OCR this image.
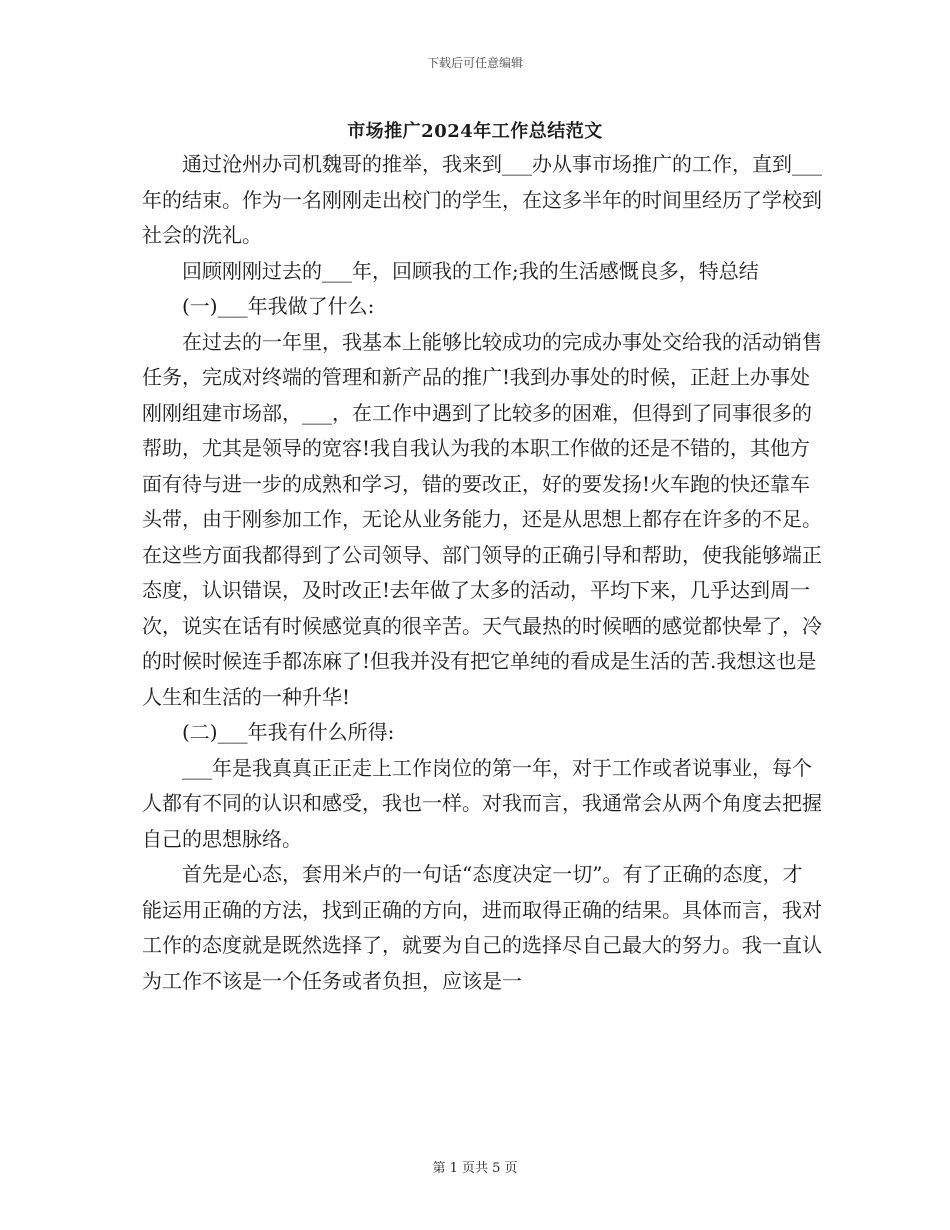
下载后可任意编辑
市场推广2024年工作总结范文

通过沧州办司机魏哥的推举，我来到___办从事市场推广的工作，直到___年的结束。作为一名刚刚走出校门的学生，在这多半年的时间里经历了学校到社会的洗礼。

回顾刚刚过去的___年，回顾我的工作;我的生活感慨良多，特总结

(一)___年我做了什么:

在过去的一年里，我基本上能够比较成功的完成办事处交给我的活动销售任务，完成对终端的管理和新产品的推广!我到办事处的时候，正赶上办事处刚刚组建市场部，___，在工作中遇到了比较多的困难，但得到了同事很多的帮助，尤其是领导的宽容!我自我认为我的本职工作做的还是不错的，其他方面有待与进一步的成熟和学习，错的要改正，好的要发扬!火车跑的快还靠车头带，由于刚参加工作，无论从业务能力，还是从思想上都存在许多的不足。在这些方面我都得到了公司领导、部门领导的正确引导和帮助，使我能够端正态度，认识错误，及时改正!去年做了太多的活动，平均下来，几乎达到周一次，说实在话有时候感觉真的很辛苦。天气最热的时候晒的感觉都快晕了，冷的时候时候连手都冻麻了!但我并没有把它单纯的看成是生活的苦.我想这也是人生和生活的一种升华!

(二)___年我有什么所得:

___年是我真真正正走上工作岗位的第一年，对于工作或者说事业，每个人都有不同的认识和感受，我也一样。对我而言，我通常会从两个角度去把握自己的思想脉络。

首先是心态，套用米卢的一句话“态度决定一切”。有了正确的态度，才能运用正确的方法，找到正确的方向，进而取得正确的结果。具体而言，我对工作的态度就是既然选择了，就要为自己的选择尽自己最大的努力。我一直认为工作不该是一个任务或者负担，应该是一

第 1 页共 5 页
